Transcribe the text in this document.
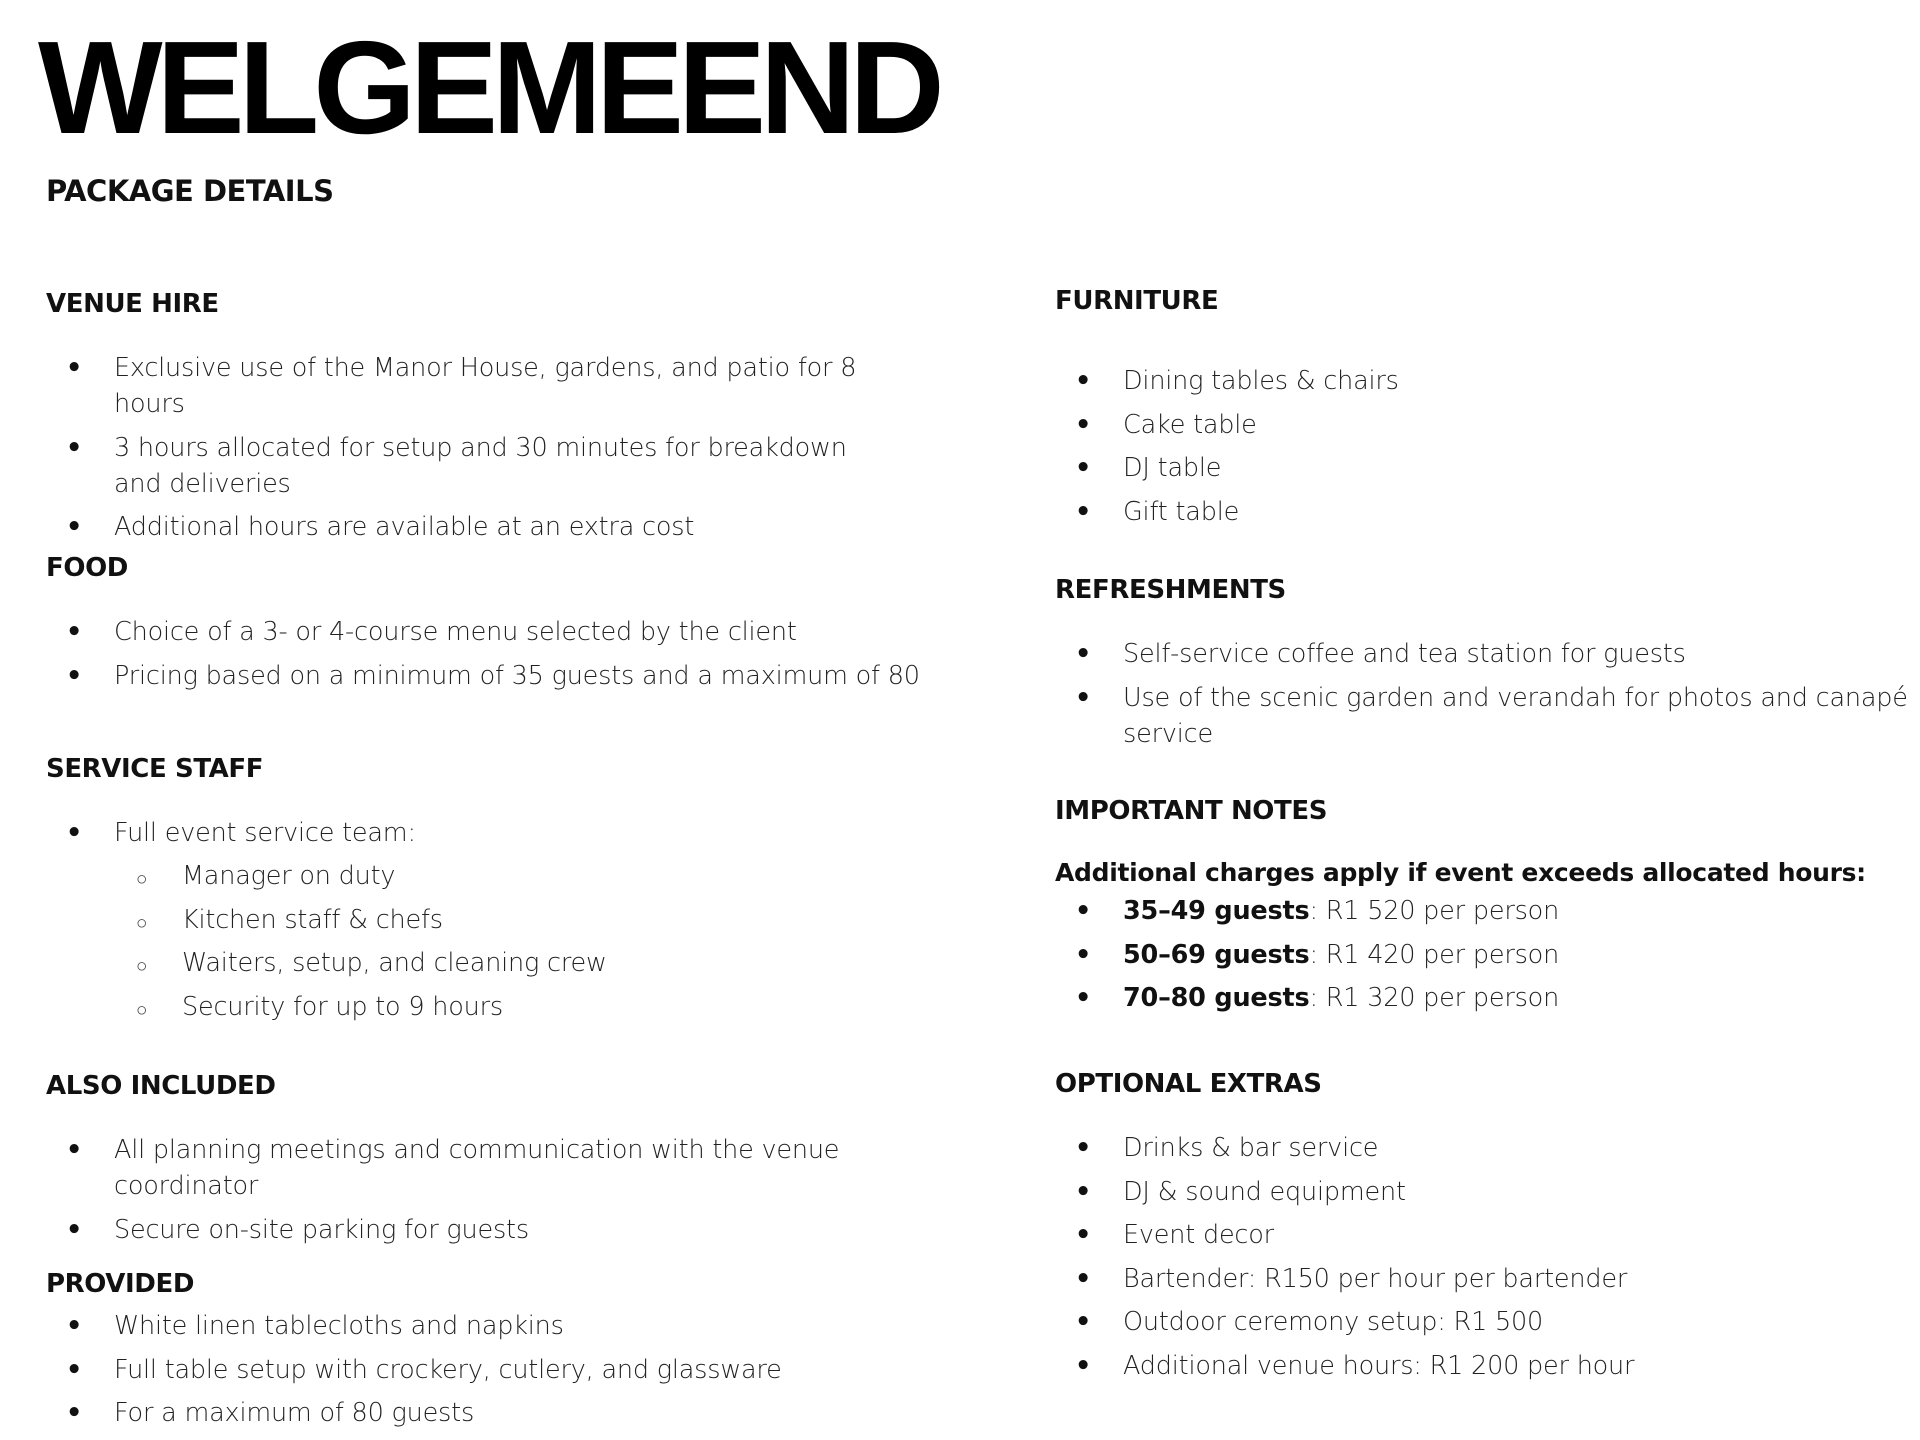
WELGEMEEND
PACKAGE DETAILS
VENUE HIRE
• Exclusive use of the Manor House, gardens, and patio for 8 hours
• 3 hours allocated for setup and 30 minutes for breakdown and deliveries
• Additional hours are available at an extra cost
FOOD
• Choice of a 3- or 4-course menu selected by the client
• Pricing based on a minimum of 35 guests and a maximum of 80
SERVICE STAFF
• Full event service team:
○ Manager on duty
○ Kitchen staff & chefs
○ Waiters, setup, and cleaning crew
○ Security for up to 9 hours
ALSO INCLUDED
• All planning meetings and communication with the venue coordinator
• Secure on-site parking for guests
PROVIDED
• White linen tablecloths and napkins
• Full table setup with crockery, cutlery, and glassware
• For a maximum of 80 guests
FURNITURE
• Dining tables & chairs
• Cake table
• DJ table
• Gift table
REFRESHMENTS
• Self-service coffee and tea station for guests
• Use of the scenic garden and verandah for photos and canapé service
IMPORTANT NOTES

Additional charges apply if event exceeds allocated hours:

• 35–49 guests: R1 520 per person
• 50–69 guests: R1 420 per person
• 70–80 guests: R1 320 per person
OPTIONAL EXTRAS
• Drinks & bar service
• DJ & sound equipment
• Event decor
• Bartender: R150 per hour per bartender
• Outdoor ceremony setup: R1 500
• Additional venue hours: R1 200 per hour
